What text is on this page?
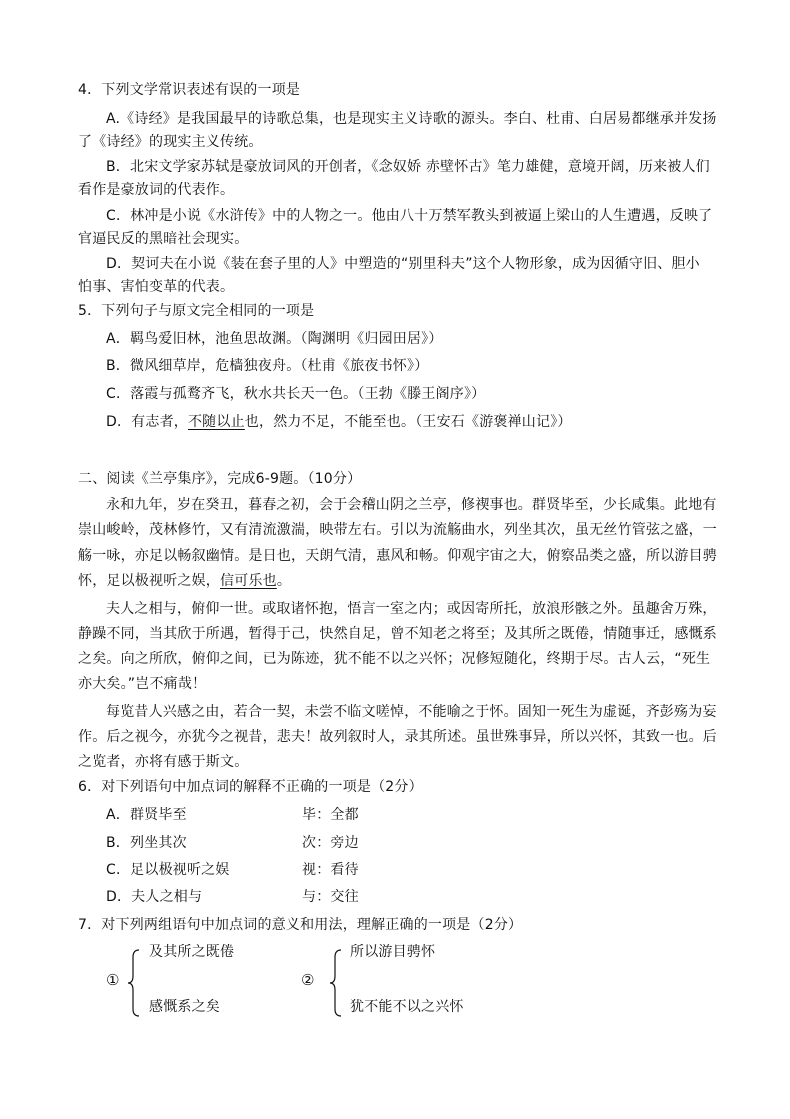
4．下列文学常识表述有误的一项是
A.《诗经》是我国最早的诗歌总集，也是现实主义诗歌的源头。李白、杜甫、白居易都继承并发扬
了《诗经》的现实主义传统。
B．北宋文学家苏轼是豪放词风的开创者，《念奴娇 赤壁怀古》笔力雄健，意境开阔，历来被人们
看作是豪放词的代表作。
C．林冲是小说《水浒传》中的人物之一。他由八十万禁军教头到被逼上梁山的人生遭遇，反映了
官逼民反的黑暗社会现实。
D．契诃夫在小说《装在套子里的人》中塑造的“别里科夫”这个人物形象，成为因循守旧、胆小
怕事、害怕变革的代表。
5．下列句子与原文完全相同的一项是
A．羁鸟爱旧林，池鱼思故渊。（陶渊明《归园田居》）
B．微风细草岸，危樯独夜舟。（杜甫《旅夜书怀》）
C．落霞与孤鹜齐飞，秋水共长天一色。（王勃《滕王阁序》）
D．有志者，不随以止也，然力不足，不能至也。（王安石《游褒禅山记》）
二、阅读《兰亭集序》，完成6-9题。（10分）
永和九年，岁在癸丑，暮春之初，会于会稽山阴之兰亭，修禊事也。群贤毕至，少长咸集。此地有
崇山峻岭，茂林修竹，又有清流激湍，映带左右。引以为流觞曲水，列坐其次，虽无丝竹管弦之盛，一
觞一咏，亦足以畅叙幽情。是日也，天朗气清，惠风和畅。仰观宇宙之大，俯察品类之盛，所以游目骋
怀，足以极视听之娱，信可乐也。
夫人之相与，俯仰一世。或取诸怀抱，悟言一室之内；或因寄所托，放浪形骸之外。虽趣舍万殊，
静躁不同，当其欣于所遇，暂得于己，快然自足，曾不知老之将至；及其所之既倦，情随事迁，感慨系
之矣。向之所欣，俯仰之间，已为陈迹，犹不能不以之兴怀；况修短随化，终期于尽。古人云，“死生
亦大矣。”岂不痛哉！
每览昔人兴感之由，若合一契，未尝不临文嗟悼，不能喻之于怀。固知一死生为虚诞，齐彭殇为妄
作。后之视今，亦犹今之视昔，悲夫！故列叙时人，录其所述。虽世殊事异，所以兴怀，其致一也。后
之览者，亦将有感于斯文。
6．对下列语句中加点词的解释不正确的一项是（2分）
A．群贤毕至	毕：全都
B．列坐其次	次：旁边
C．足以极视听之娱	视：看待
D．夫人之相与	与：交往
7．对下列两组语句中加点词的意义和用法，理解正确的一项是（2分）
①
及其所之既倦
感慨系之矣
②
所以游目骋怀
犹不能不以之兴怀
